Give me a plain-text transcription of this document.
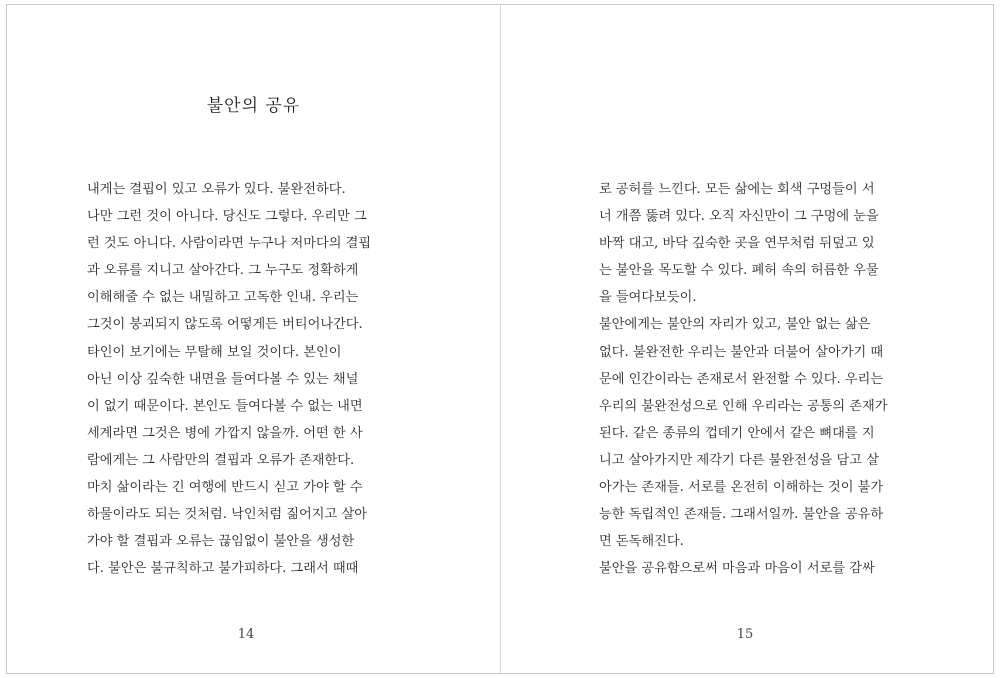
불안의 공유
내게는 결핍이 있고 오류가 있다. 불완전하다.
나만 그런 것이 아니다. 당신도 그렇다. 우리만 그
런 것도 아니다. 사람이라면 누구나 저마다의 결핍
과 오류를 지니고 살아간다. 그 누구도 정확하게
이해해줄 수 없는 내밀하고 고독한 인내. 우리는
그것이 붕괴되지 않도록 어떻게든 버티어나간다.
타인이 보기에는 무탈해 보일 것이다. 본인이
아닌 이상 깊숙한 내면을 들여다볼 수 있는 채널
이 없기 때문이다. 본인도 들여다볼 수 없는 내면
세계라면 그것은 병에 가깝지 않을까. 어떤 한 사
람에게는 그 사람만의 결핍과 오류가 존재한다.
마치 삶이라는 긴 여행에 반드시 싣고 가야 할 수
하물이라도 되는 것처럼. 낙인처럼 짊어지고 살아
가야 할 결핍과 오류는 끊임없이 불안을 생성한
다. 불안은 불규칙하고 불가피하다. 그래서 때때
14
로 공허를 느낀다. 모든 삶에는 회색 구멍들이 서
너 개쯤 뚫려 있다. 오직 자신만이 그 구멍에 눈을
바짝 대고, 바닥 깊숙한 곳을 연무처럼 뒤덮고 있
는 불안을 목도할 수 있다. 폐허 속의 허름한 우물
을 들여다보듯이.
불안에게는 불안의 자리가 있고, 불안 없는 삶은
없다. 불완전한 우리는 불안과 더불어 살아가기 때
문에 인간이라는 존재로서 완전할 수 있다. 우리는
우리의 불완전성으로 인해 우리라는 공통의 존재가
된다. 같은 종류의 껍데기 안에서 같은 뼈대를 지
니고 살아가지만 제각기 다른 불완전성을 담고 살
아가는 존재들. 서로를 온전히 이해하는 것이 불가
능한 독립적인 존재들. 그래서일까. 불안을 공유하
면 돈독해진다.
불안을 공유함으로써 마음과 마음이 서로를 감싸
15
